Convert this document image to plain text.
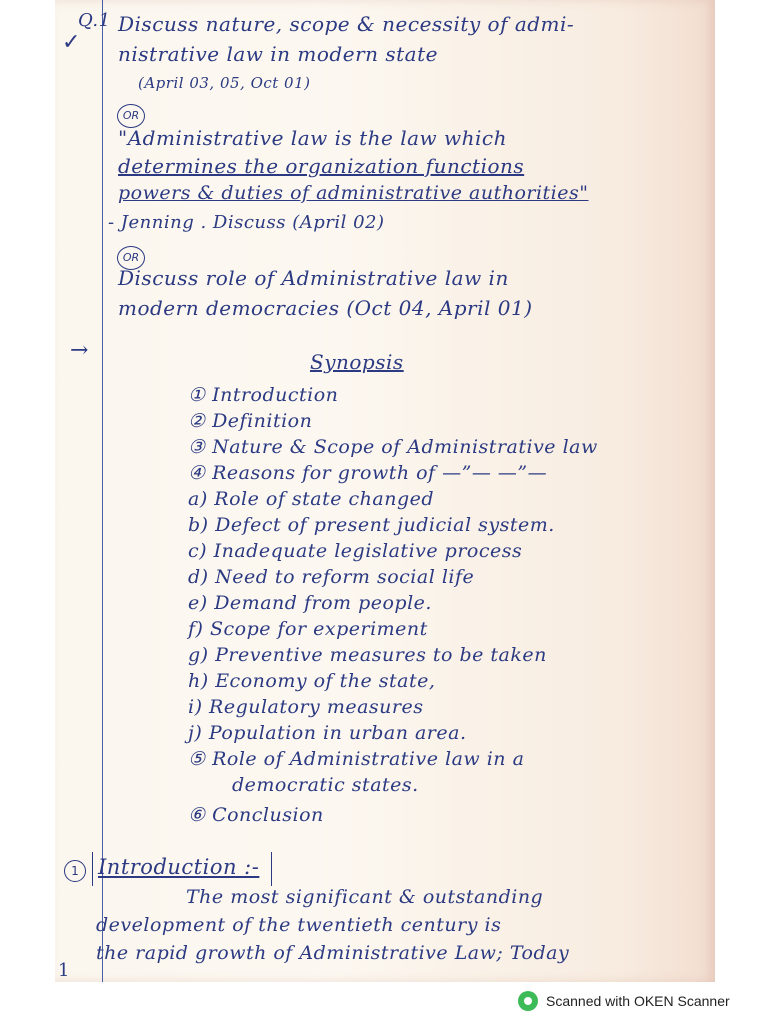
Q.1
✓
Discuss nature, scope & necessity of admi-
nistrative law in modern state
(April 03, 05, Oct 01)
OR
"Administrative law is the law which
determines the organization functions
powers & duties of administrative authorities"
- Jenning . Discuss (April 02)
OR
Discuss role of Administrative law in
modern democracies (Oct 04, April 01)
→	Synopsis
① Introduction
② Definition
③ Nature & Scope of Administrative law
④ Reasons for growth of —”— —”—
a) Role of state changed
b) Defect of present judicial system.
c) Inadequate legislative process
d) Need to reform social life
e) Demand from people.
f) Scope for experiment
g) Preventive measures to be taken
h) Economy of the state,
i) Regulatory measures
j) Population in urban area.
⑤ Role of Administrative law in a
democratic states.
⑥ Conclusion
1 Introduction :-
The most significant & outstanding
development of the twentieth century is
the rapid growth of Administrative Law; Today
1
Scanned with OKEN Scanner
